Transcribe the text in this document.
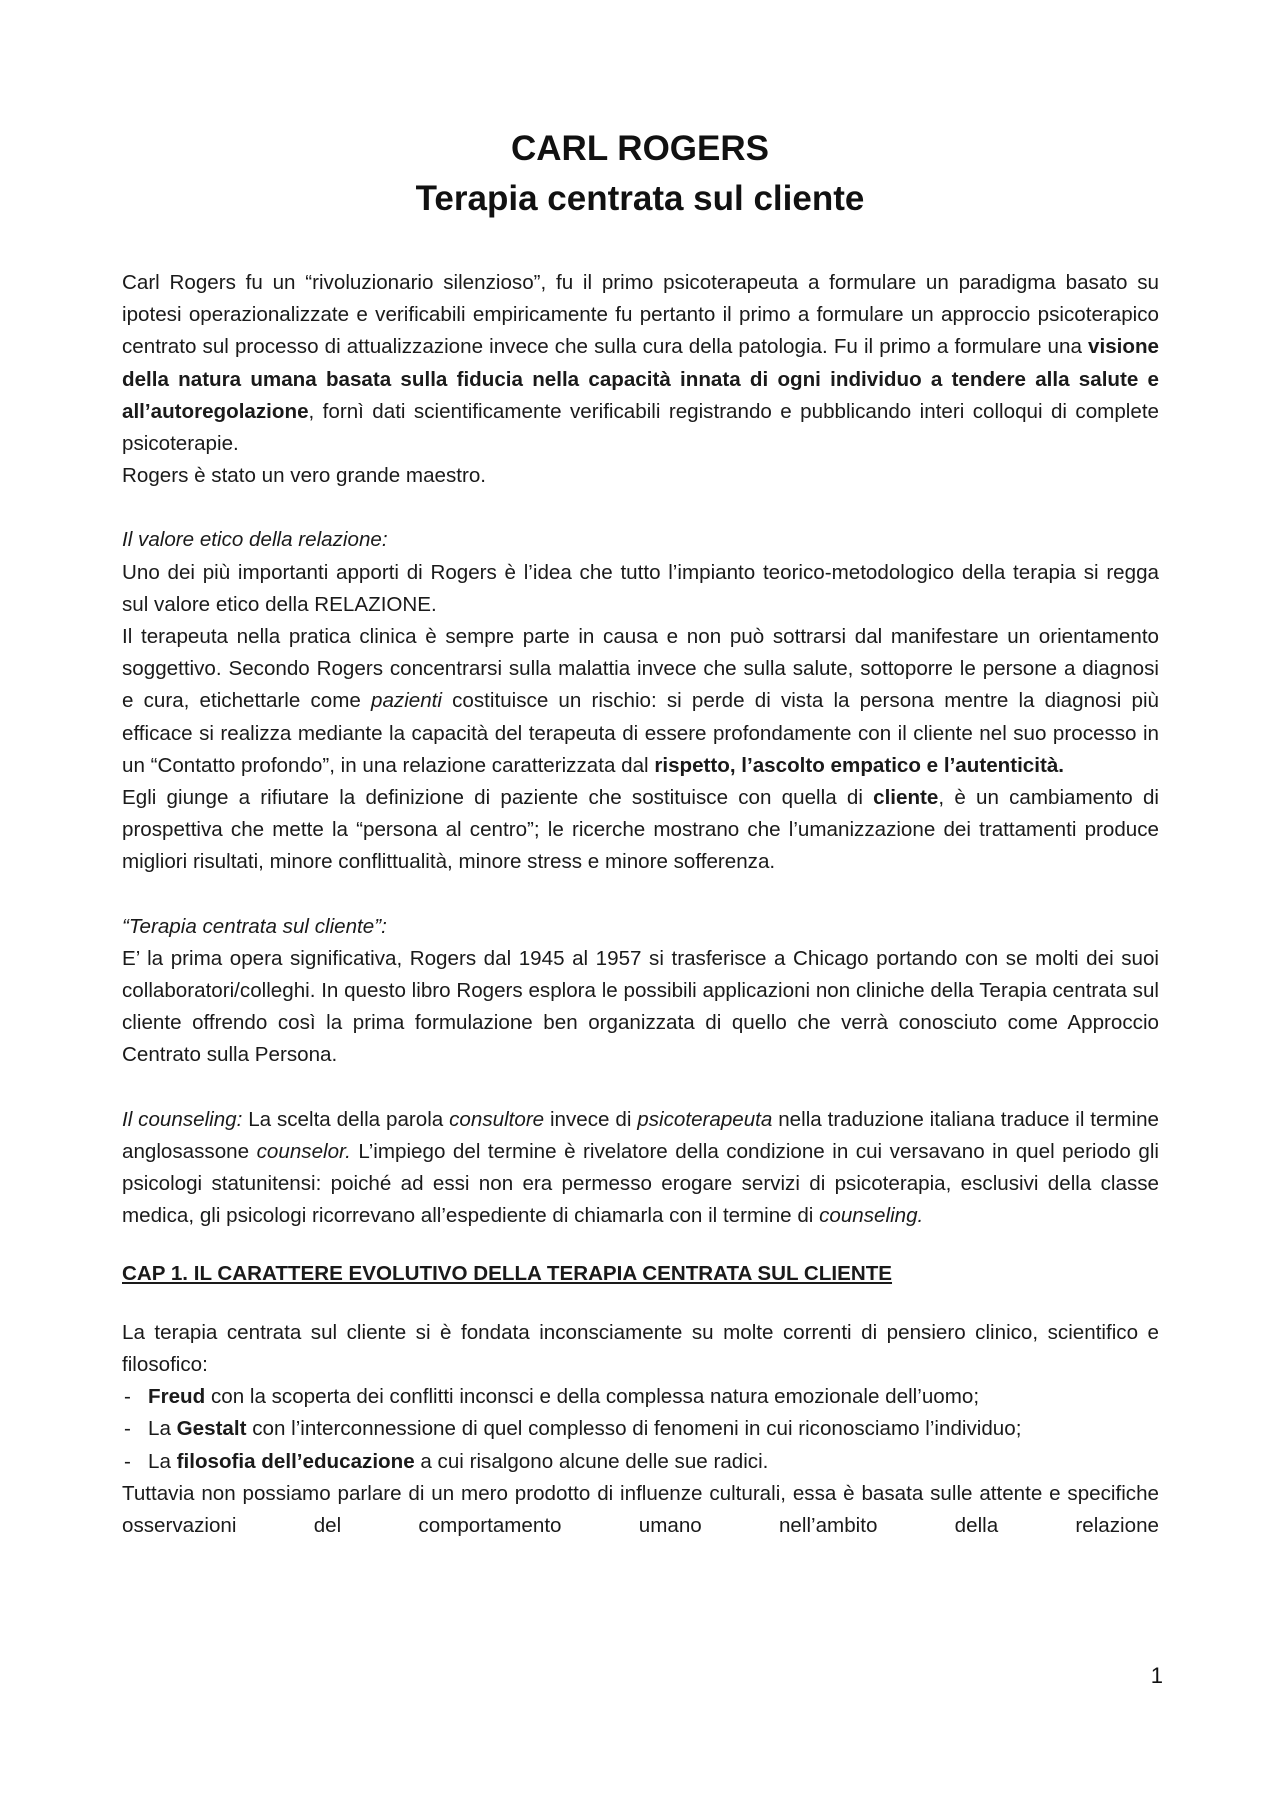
CARL ROGERS
Terapia centrata sul cliente

Carl Rogers fu un “rivoluzionario silenzioso”, fu il primo psicoterapeuta a formulare un paradigma basato su ipotesi operazionalizzate e verificabili empiricamente fu pertanto il primo a formulare un approccio psicoterapico centrato sul processo di attualizzazione invece che sulla cura della patologia. Fu il primo a formulare una visione della natura umana basata sulla fiducia nella capacità innata di ogni individuo a tendere alla salute e all’autoregolazione, fornì dati scientificamente verificabili registrando e pubblicando interi colloqui di complete psicoterapie.

Rogers è stato un vero grande maestro.

Il valore etico della relazione:

Uno dei più importanti apporti di Rogers è l’idea che tutto l’impianto teorico-metodologico della terapia si regga sul valore etico della RELAZIONE.

Il terapeuta nella pratica clinica è sempre parte in causa e non può sottrarsi dal manifestare un orientamento soggettivo. Secondo Rogers concentrarsi sulla malattia invece che sulla salute, sottoporre le persone a diagnosi e cura, etichettarle come pazienti costituisce un rischio: si perde di vista la persona mentre la diagnosi più efficace si realizza mediante la capacità del terapeuta di essere profondamente con il cliente nel suo processo in un “Contatto profondo”, in una relazione caratterizzata dal rispetto, l’ascolto empatico e l’autenticità.

Egli giunge a rifiutare la definizione di paziente che sostituisce con quella di cliente, è un cambiamento di prospettiva che mette la “persona al centro”; le ricerche mostrano che l’umanizzazione dei trattamenti produce migliori risultati, minore conflittualità, minore stress e minore sofferenza.

“Terapia centrata sul cliente”:

E’ la prima opera significativa, Rogers dal 1945 al 1957 si trasferisce a Chicago portando con se molti dei suoi collaboratori/colleghi. In questo libro Rogers esplora le possibili applicazioni non cliniche della Terapia centrata sul cliente offrendo così la prima formulazione ben organizzata di quello che verrà conosciuto come Approccio Centrato sulla Persona.

Il counseling: La scelta della parola consultore invece di psicoterapeuta nella traduzione italiana traduce il termine anglosassone counselor. L’impiego del termine è rivelatore della condizione in cui versavano in quel periodo gli psicologi statunitensi: poiché ad essi non era permesso erogare servizi di psicoterapia, esclusivi della classe medica, gli psicologi ricorrevano all’espediente di chiamarla con il termine di counseling.

CAP 1. IL CARATTERE EVOLUTIVO DELLA TERAPIA CENTRATA SUL CLIENTE

La terapia centrata sul cliente si è fondata inconsciamente su molte correnti di pensiero clinico, scientifico e filosofico:

- Freud con la scoperta dei conflitti inconsci e della complessa natura emozionale dell’uomo;
- La Gestalt con l’interconnessione di quel complesso di fenomeni in cui riconosciamo l’individuo;
- La filosofia dell’educazione a cui risalgono alcune delle sue radici.

Tuttavia non possiamo parlare di un mero prodotto di influenze culturali, essa è basata sulle attente e specifiche osservazioni del comportamento umano nell’ambito della relazione

1
